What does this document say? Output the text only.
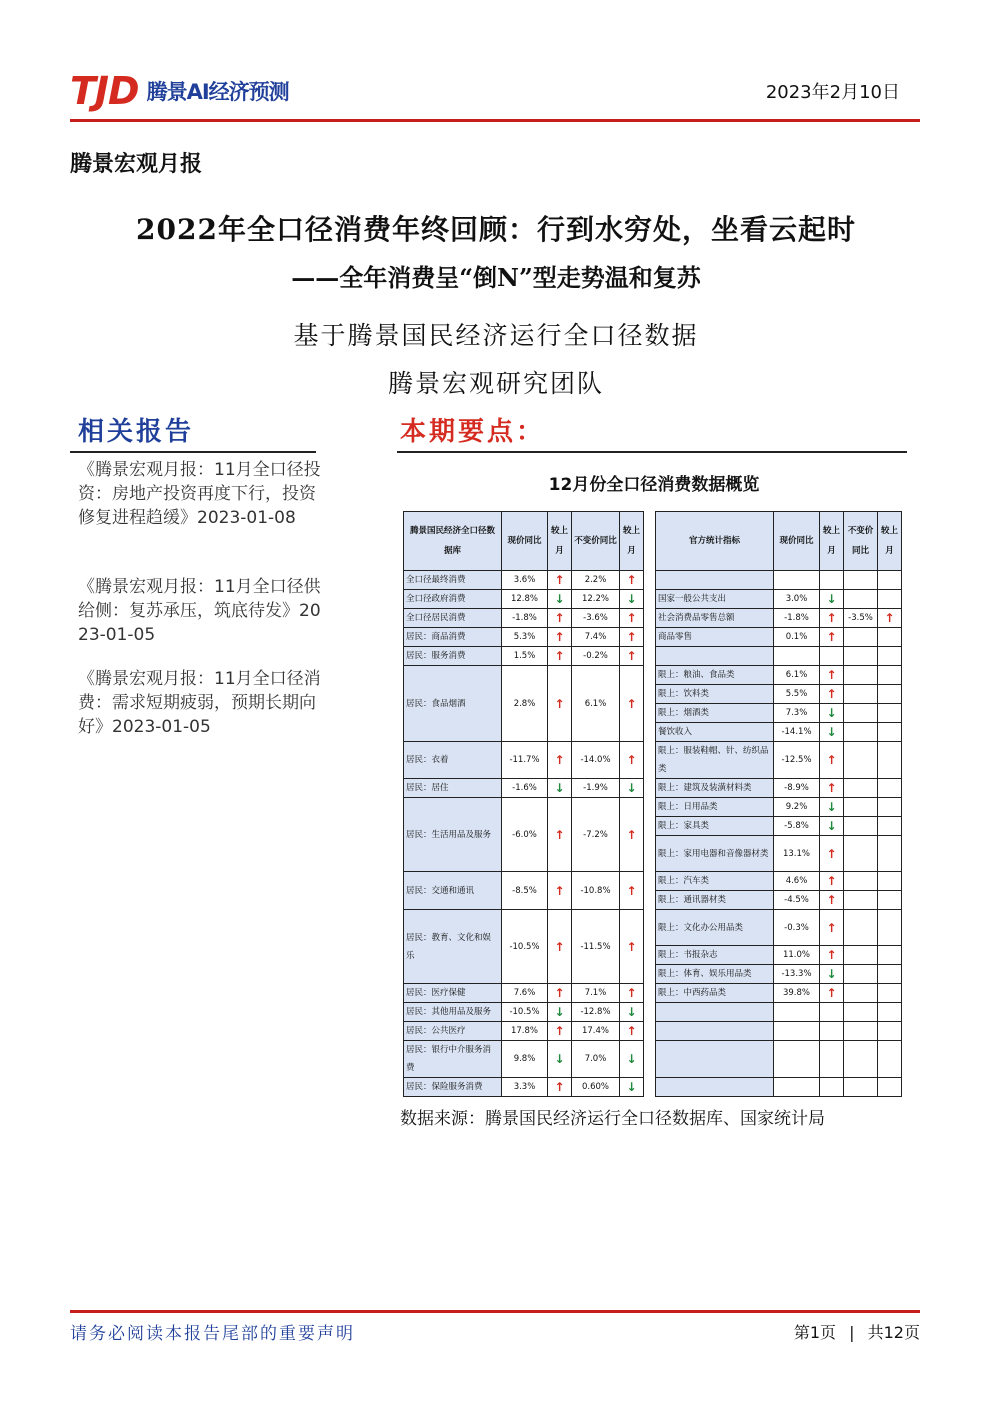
TJD 腾景AI经济预测	2023年2月10日
腾景宏观月报
2022年全口径消费年终回顾：行到水穷处，坐看云起时
——全年消费呈“倒N”型走势温和复苏
基于腾景国民经济运行全口径数据
腾景宏观研究团队
相关报告
《腾景宏观月报：11月全口径投资：房地产投资再度下行，投资修复进程趋缓》2023-01-08
《腾景宏观月报：11月全口径供给侧：复苏承压，筑底待发》2023-01-05
《腾景宏观月报：11月全口径消费：需求短期疲弱，预期长期向好》2023-01-05
本期要点：
12月份全口径消费数据概览
腾景国民经济全口径数据库	现价同比	较上月	不变价同比	较上月		官方统计指标	现价同比	较上月	不变价同比	较上月
全口径最终消费	3.6%	↑	2.2%	↑						
全口径政府消费	12.8%	↓	12.2%	↓		国家一般公共支出	3.0%	↓		
全口径居民消费	-1.8%	↑	-3.6%	↑		社会消费品零售总额	-1.8%	↑	-3.5%	↑
居民：商品消费	5.3%	↑	7.4%	↑		商品零售	0.1%	↑		
居民：服务消费	1.5%	↑	-0.2%	↑						
居民：食品烟酒	2.8%	↑	6.1%	↑		限上：粮油、食品类	6.1%	↑		
						限上：饮料类	5.5%	↑		
						限上：烟酒类	7.3%	↓		
						餐饮收入	-14.1%	↓		
居民：衣着	-11.7%	↑	-14.0%	↑		限上：服装鞋帽、针、纺织品类	-12.5%	↑		
居民：居住	-1.6%	↓	-1.9%	↓		限上：建筑及装潢材料类	-8.9%	↑		
居民：生活用品及服务	-6.0%	↑	-7.2%	↑		限上：日用品类	9.2%	↓		
						限上：家具类	-5.8%	↓		
						限上：家用电器和音像器材类	13.1%	↑		
居民：交通和通讯	-8.5%	↑	-10.8%	↑		限上：汽车类	4.6%	↑		
						限上：通讯器材类	-4.5%	↑		
居民：教育、文化和娱乐	-10.5%	↑	-11.5%	↑		限上：文化办公用品类	-0.3%	↑		
						限上：书报杂志	11.0%	↑		
						限上：体育、娱乐用品类	-13.3%	↓		
居民：医疗保健	7.6%	↑	7.1%	↑		限上：中西药品类	39.8%	↑		
居民：其他用品及服务	-10.5%	↓	-12.8%	↓						
居民：公共医疗	17.8%	↑	17.4%	↑						
居民：银行中介服务消费	9.8%	↓	7.0%	↓						
居民：保险服务消费	3.3%	↑	0.60%	↓						
数据来源：腾景国民经济运行全口径数据库、国家统计局
请务必阅读本报告尾部的重要声明	第1页 | 共12页
